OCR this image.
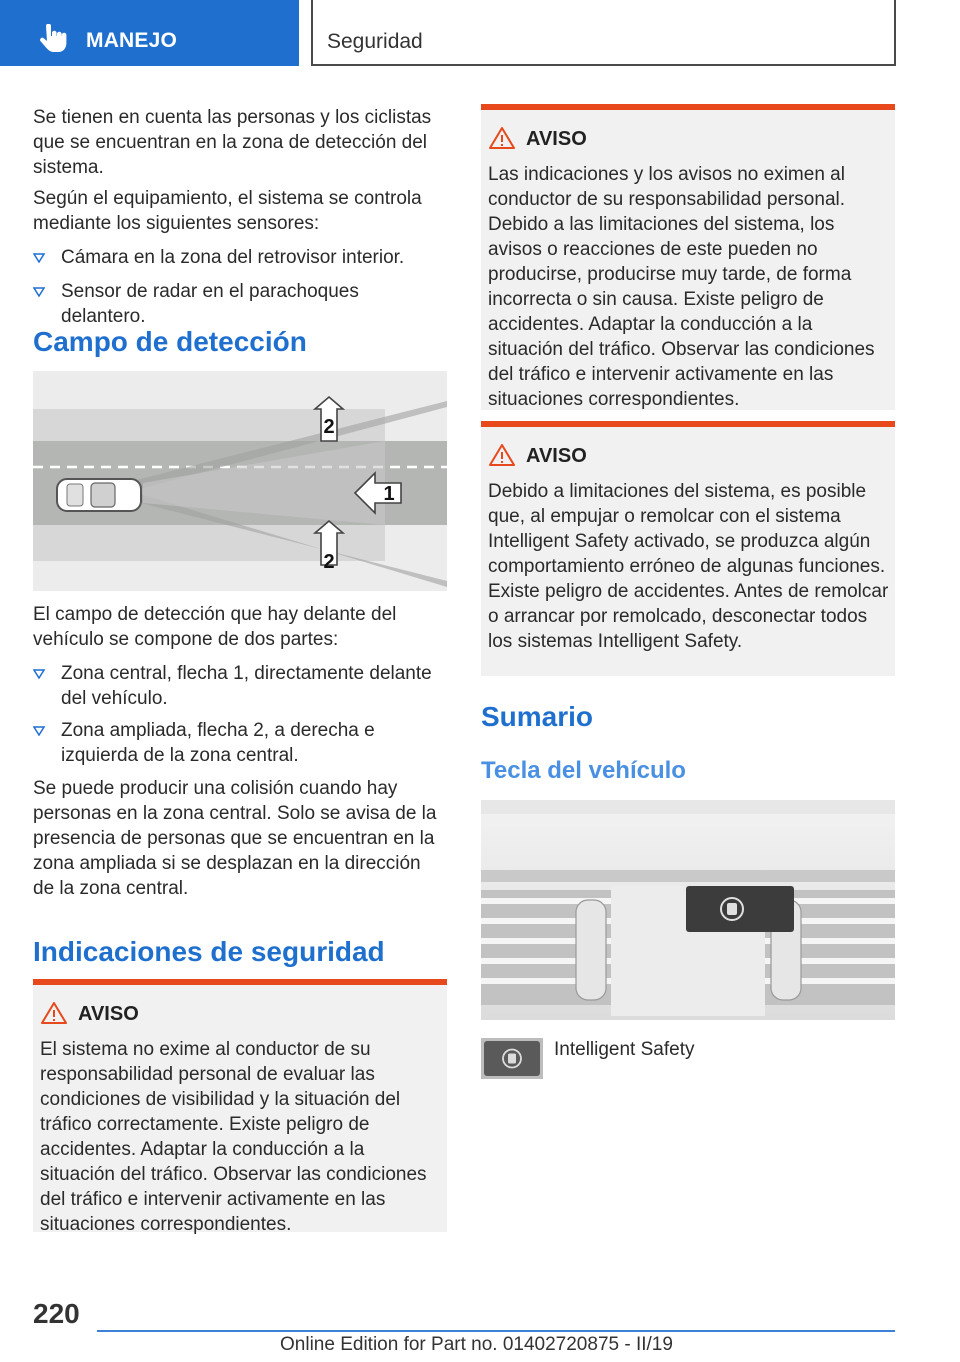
MANEJO	Seguridad

Se tienen en cuenta las personas y los ciclistas que se encuentran en la zona de detección del sistema.

Según el equipamiento, el sistema se controla mediante los siguientes sensores:

Cámara en la zona del retrovisor interior.
Sensor de radar en el parachoques delantero.
Campo de detección
2
1
2

El campo de detección que hay delante del vehículo se compone de dos partes:

Zona central, flecha 1, directamente delante del vehículo.
Zona ampliada, flecha 2, a derecha e izquierda de la zona central.

Se puede producir una colisión cuando hay personas en la zona central. Solo se avisa de la presencia de personas que se encuentran en la zona ampliada si se desplazan en la dirección de la zona central.

Indicaciones de seguridad
AVISO

El sistema no exime al conductor de su responsabilidad personal de evaluar las condiciones de visibilidad y la situación del tráfico correctamente. Existe peligro de accidentes. Adaptar la conducción a la situación del tráfico. Observar las condiciones del tráfico e intervenir activamente en las situaciones correspondientes.

AVISO

Las indicaciones y los avisos no eximen al conductor de su responsabilidad personal. Debido a las limitaciones del sistema, los avisos o reacciones de este pueden no producirse, producirse muy tarde, de forma incorrecta o sin causa. Existe peligro de accidentes. Adaptar la conducción a la situación del tráfico. Observar las condiciones del tráfico e intervenir activamente en las situaciones correspondientes.

AVISO

Debido a limitaciones del sistema, es posible que, al empujar o remolcar con el sistema Intelligent Safety activado, se produzca algún comportamiento erróneo de algunas funciones. Existe peligro de accidentes. Antes de remolcar o arrancar por remolcado, desconectar todos los sistemas Intelligent Safety.

Sumario
Tecla del vehículo
Intelligent Safety
220
Online Edition for Part no. 01402720875 - II/19
